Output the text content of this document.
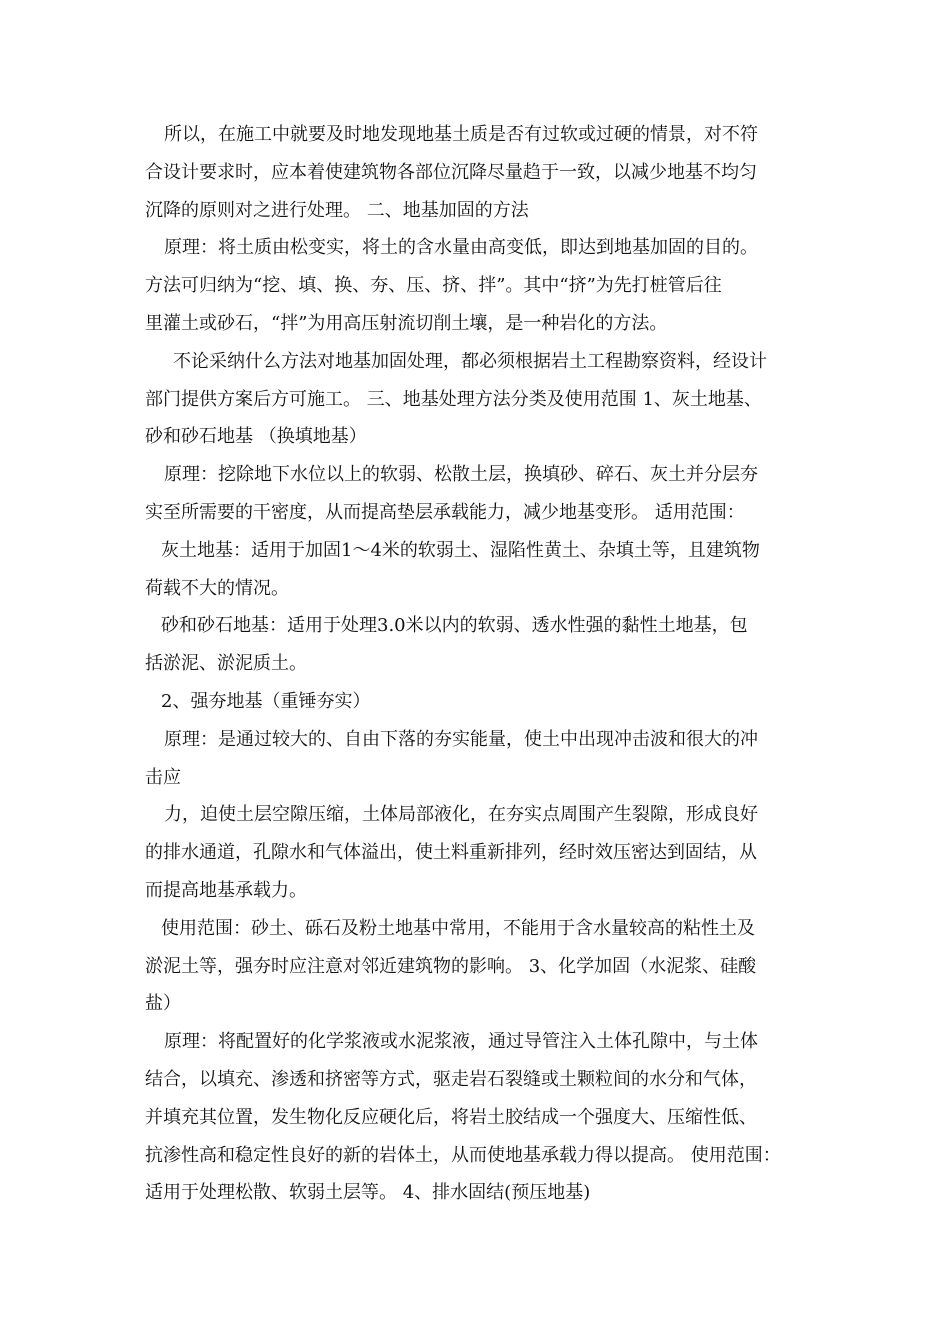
所以，在施工中就要及时地发现地基土质是否有过软或过硬的情景，对不符
合设计要求时，应本着使建筑物各部位沉降尽量趋于一致，以减少地基不均匀
沉降的原则对之进行处理。 二、地基加固的方法
原理：将土质由松变实，将土的含水量由高变低，即达到地基加固的目的。
方法可归纳为“挖、填、换、夯、压、挤、拌”。其中“挤”为先打桩管后往
里灌土或砂石，“拌”为用高压射流切削土壤，是一种岩化的方法。
不论采纳什么方法对地基加固处理，都必须根据岩土工程勘察资料，经设计
部门提供方案后方可施工。 三、地基处理方法分类及使用范围 1、灰土地基、
砂和砂石地基 （换填地基）
原理：挖除地下水位以上的软弱、松散土层，换填砂、碎石、灰土并分层夯
实至所需要的干密度，从而提高垫层承载能力，减少地基变形。 适用范围：
灰土地基：适用于加固1～4米的软弱土、湿陷性黄土、杂填土等，且建筑物
荷载不大的情况。
砂和砂石地基：适用于处理3.0米以内的软弱、透水性强的黏性土地基，包
括淤泥、淤泥质土。
2、强夯地基（重锤夯实）
原理：是通过较大的、自由下落的夯实能量，使土中出现冲击波和很大的冲
击应
力，迫使土层空隙压缩，土体局部液化，在夯实点周围产生裂隙，形成良好
的排水通道，孔隙水和气体溢出，使土料重新排列，经时效压密达到固结，从
而提高地基承载力。
使用范围：砂土、砾石及粉土地基中常用，不能用于含水量较高的粘性土及
淤泥土等，强夯时应注意对邻近建筑物的影响。 3、化学加固（水泥浆、硅酸
盐）
原理：将配置好的化学浆液或水泥浆液，通过导管注入土体孔隙中，与土体
结合，以填充、渗透和挤密等方式，驱走岩石裂缝或土颗粒间的水分和气体，
并填充其位置，发生物化反应硬化后，将岩土胶结成一个强度大、压缩性低、
抗渗性高和稳定性良好的新的岩体土，从而使地基承载力得以提高。 使用范围：
适用于处理松散、软弱土层等。 4、排水固结(预压地基)
